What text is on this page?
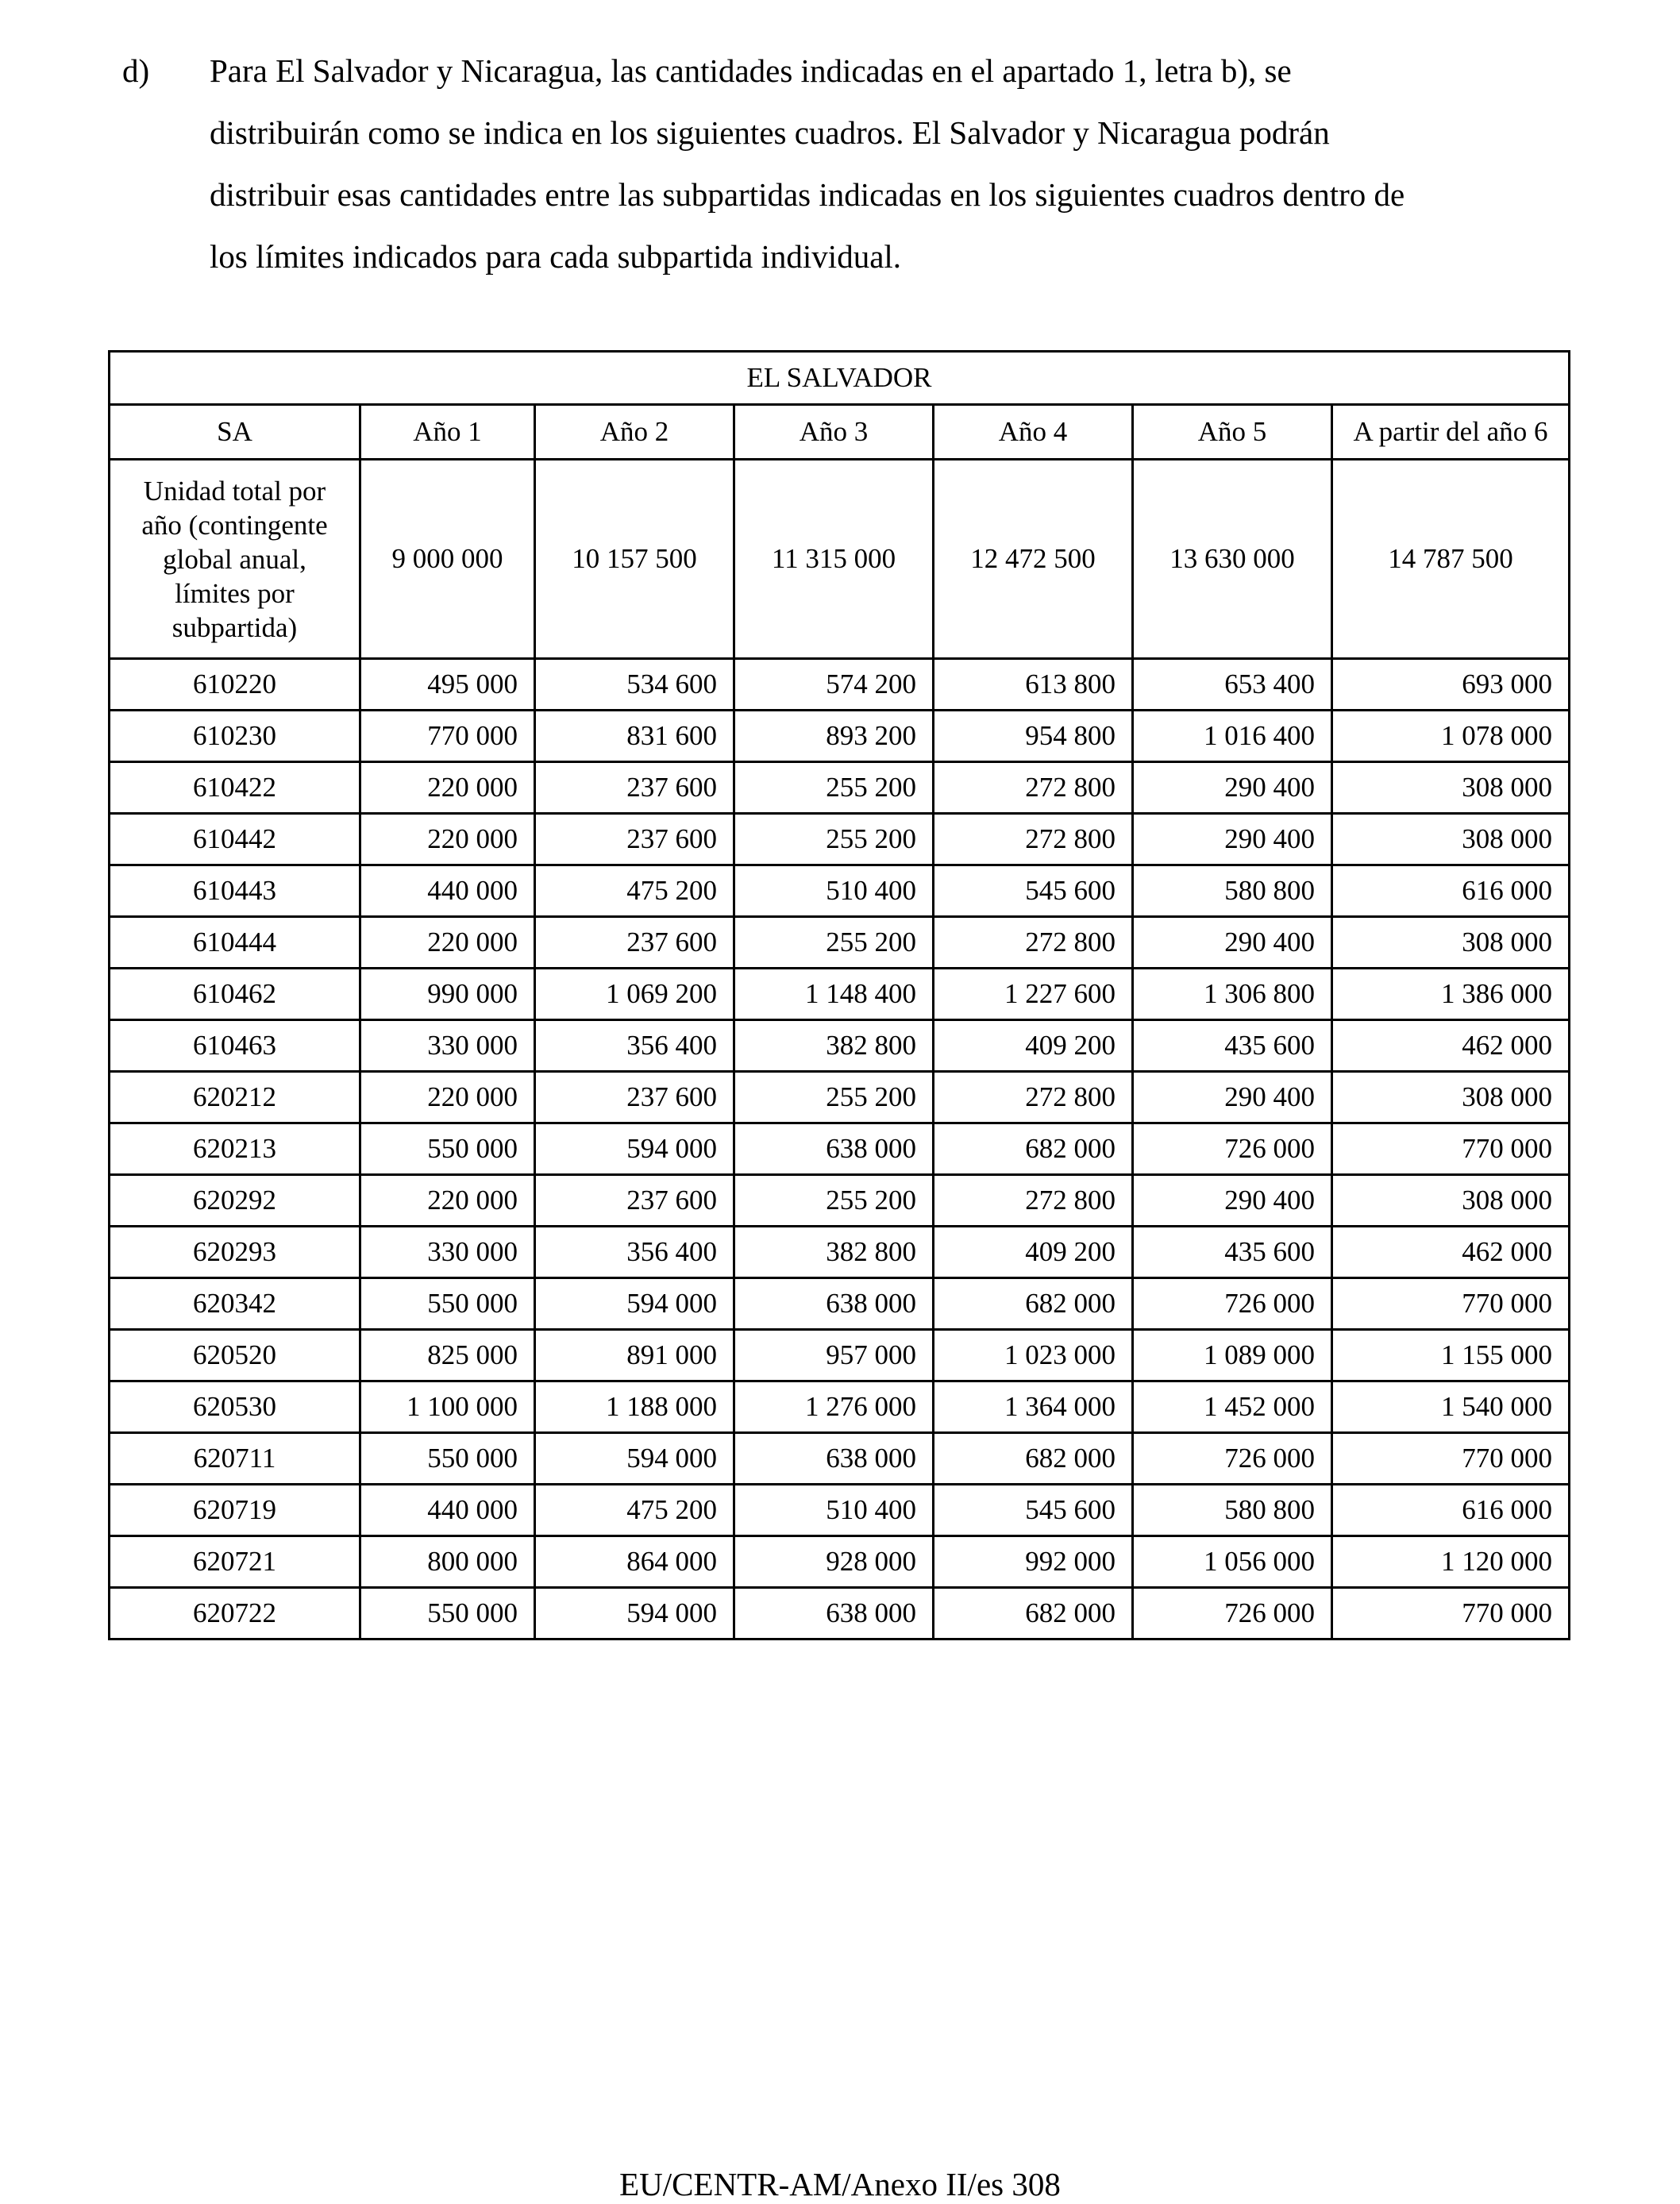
d) Para El Salvador y Nicaragua, las cantidades indicadas en el apartado 1, letra b), se
distribuirán como se indica en los siguientes cuadros. El Salvador y Nicaragua podrán
distribuir esas cantidades entre las subpartidas indicadas en los siguientes cuadros dentro de
los límites indicados para cada subpartida individual.
EL SALVADOR						
SA	Año 1	Año 2	Año 3	Año 4	Año 5	A partir del año 6

Unidad total por
año (contingente
global anual,
límites por
subpartida)	9 000 000	10 157 500	11 315 000	12 472 500	13 630 000	14 787 500
610220	495 000	534 600	574 200	613 800	653 400	693 000
610230	770 000	831 600	893 200	954 800	1 016 400	1 078 000
610422	220 000	237 600	255 200	272 800	290 400	308 000
610442	220 000	237 600	255 200	272 800	290 400	308 000
610443	440 000	475 200	510 400	545 600	580 800	616 000
610444	220 000	237 600	255 200	272 800	290 400	308 000
610462	990 000	1 069 200	1 148 400	1 227 600	1 306 800	1 386 000
610463	330 000	356 400	382 800	409 200	435 600	462 000
620212	220 000	237 600	255 200	272 800	290 400	308 000
620213	550 000	594 000	638 000	682 000	726 000	770 000
620292	220 000	237 600	255 200	272 800	290 400	308 000
620293	330 000	356 400	382 800	409 200	435 600	462 000
620342	550 000	594 000	638 000	682 000	726 000	770 000
620520	825 000	891 000	957 000	1 023 000	1 089 000	1 155 000
620530	1 100 000	1 188 000	1 276 000	1 364 000	1 452 000	1 540 000
620711	550 000	594 000	638 000	682 000	726 000	770 000
620719	440 000	475 200	510 400	545 600	580 800	616 000
620721	800 000	864 000	928 000	992 000	1 056 000	1 120 000
620722	550 000	594 000	638 000	682 000	726 000	770 000
EU/CENTR-AM/Anexo II/es 308
